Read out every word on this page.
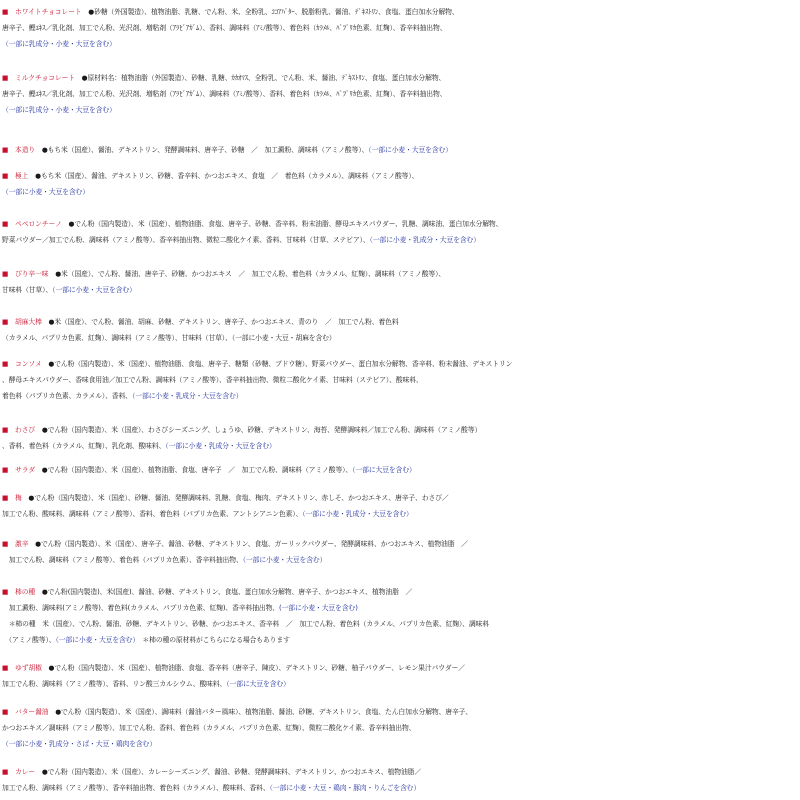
■　ホワイトチョコレート　●砂糖（外国製造）、植物油脂、乳糖、でん粉、米、全粉乳、ｺｺｱﾊﾞﾀｰ、脱脂粉乳、醤油、ﾃﾞｷｽﾄﾘﾝ、食塩、蛋白加水分解物、
唐辛子、鰹ｴｷｽ／乳化剤、加工でん粉、光沢剤、増粘剤（ｱﾗﾋﾞｱｶﾞﾑ）、香料、調味料（ｱﾐﾉ酸等）、着色料（ｶﾗﾒﾙ、ﾊﾟﾌﾟﾘｶ色素、紅麹）、香辛料抽出物、
（一部に乳成分・小麦・大豆を含む）
■　ミルクチョコレート　●原材料名：植物油脂（外国製造）、砂糖、乳糖、ｶｶｵﾏｽ、全粉乳、でん粉、米、醤油、ﾃﾞｷｽﾄﾘﾝ、食塩、蛋白加水分解物、
唐辛子、鰹ｴｷｽ／乳化剤、加工でん粉、光沢剤、増粘剤（ｱﾗﾋﾞｱｶﾞﾑ）、調味料（ｱﾐﾉ酸等）、香料、着色料（ｶﾗﾒﾙ、ﾊﾟﾌﾟﾘｶ色素、紅麹）、香辛料抽出物、
（一部に乳成分・小麦・大豆を含む）
■　本造り　●もち米（国産）、醤油、デキストリン、発酵調味料、唐辛子、砂糖　／　加工澱粉、調味料（アミノ酸等）、（一部に小麦・大豆を含む）
■　極上　●もち米（国産）、醤油、デキストリン、砂糖、香辛料、かつおエキス、食塩　／　着色料（カラメル）、調味料（アミノ酸等）、
（一部に小麦・大豆を含む）
■　ペペロンチーノ　●でん粉（国内製造）、米（国産）、植物油脂、食塩、唐辛子、砂糖、香辛料、粉末油脂、酵母エキスパウダー、乳糖、調味油、蛋白加水分解物、
野菜パウダー／加工でん粉、調味料（アミノ酸等）、香辛料抽出物、微粒二酸化ケイ素、香料、甘味料（甘草、ステビア）、（一部に小麦・乳成分・大豆を含む）
■　ぴり辛一味　●米（国産）、でん粉、醤油、唐辛子、砂糖、かつおエキス　／　加工でん粉、着色料（カラメル、紅麹）、調味料（アミノ酸等）、
甘味料（甘草）、（一部に小麦・大豆を含む）
■　胡麻大棒　●米（国産）、でん粉、醤油、胡麻、砂糖、デキストリン、唐辛子、かつおエキス、青のり　／　加工でん粉、着色料
（カラメル、パプリカ色素、紅麹）、調味料（アミノ酸等）、甘味料（甘草）、（一部に小麦・大豆・胡麻を含む）
■　コンソメ　●でん粉（国内製造）、米（国産）、植物油脂、食塩、唐辛子、糖類（砂糖、ブドウ糖）、野菜パウダー、蛋白加水分解物、香辛料、粉末醤油、デキストリン
、酵母エキスパウダー、香味食用油／加工でん粉、調味料（アミノ酸等）、香辛料抽出物、微粒二酸化ケイ素、甘味料（ステビア）、酸味料、
着色料（パプリカ色素、カラメル）、香料、（一部に小麦・乳成分・大豆を含む）
■　わさび　●でん粉（国内製造）、米（国産）、わさびシーズニング、しょうゆ、砂糖、デキストリン、海苔、発酵調味料／加工でん粉、調味料（アミノ酸等）
、香料、着色料（カラメル、紅麹）、乳化剤、酸味料、（一部に小麦・乳成分・大豆を含む）
■　サラダ　●でん粉（国内製造）、米（国産）、植物油脂、食塩、唐辛子　／　加工でん粉、調味料（アミノ酸等）、（一部に大豆を含む）
■　梅　●でん粉（国内製造）、米（国産）、砂糖、醤油、発酵調味料、乳糖、食塩、梅肉、デキストリン、赤しそ、かつおエキス、唐辛子、わさび／
加工でん粉、酸味料、調味料（アミノ酸等）、香料、着色料（パプリカ色素、アントシアニン色素）、（一部に小麦・乳成分・大豆を含む）
■　激辛　●でん粉（国内製造）、米（国産）、唐辛子、醤油、砂糖、デキストリン、食塩、ガーリックパウダー、発酵調味料、かつおエキス、植物油脂　／
　加工でん粉、調味料（アミノ酸等）、着色料（パプリカ色素）、香辛料抽出物、（一部に小麦・大豆を含む）
■　柿の種　●でん粉(国内製造)、米(国産)、醤油、砂糖、デキストリン、食塩、蛋白加水分解物、唐辛子、かつおエキス、植物油脂　／
　加工澱粉、調味料(アミノ酸等)、着色料(カラメル、パプリカ色素、紅麹)、香辛料抽出物、(一部に小麦・大豆を含む)
　＊柿の種　米（国産）、でん粉、醤油、砂糖、デキストリン、砂糖、かつおエキス、香辛料　／　加工でん粉、着色料（カラメル、パプリカ色素、紅麹）、調味料
　（アミノ酸等）、（一部に小麦・大豆を含む）　＊柿の種の原材料がこちらになる場合もあります
■　ゆず胡椒　●でん粉（国内製造）、米（国産）、植物油脂、食塩、香辛料（唐辛子、陳皮）、デキストリン、砂糖、柚子パウダー、レモン果汁パウダー／
加工でん粉、調味料（アミノ酸等）、香料、リン酸三カルシウム、酸味料、（一部に大豆を含む）
■　バター醤油　●でん粉（国内製造）、米（国産）、調味料（醤油バター風味）、植物油脂、醤油、砂糖、デキストリン、食塩、たん白加水分解物、唐辛子、
かつおエキス／調味料（アミノ酸等）、加工でん粉、香料、着色料（カラメル、パプリカ色素、紅麹）、微粒二酸化ケイ素、香辛料抽出物、
（一部に小麦・乳成分・さば・大豆・鶏肉を含む）
■　カレー　●でん粉（国内製造）、米（国産）、カレーシーズニング、醤油、砂糖、発酵調味料、デキストリン、かつおエキス、植物油脂／
加工でん粉、調味料（アミノ酸等）、香辛料抽出物、着色料（カラメル）、酸味料、香料、（一部に小麦・大豆・鶏肉・豚肉・りんごを含む）
